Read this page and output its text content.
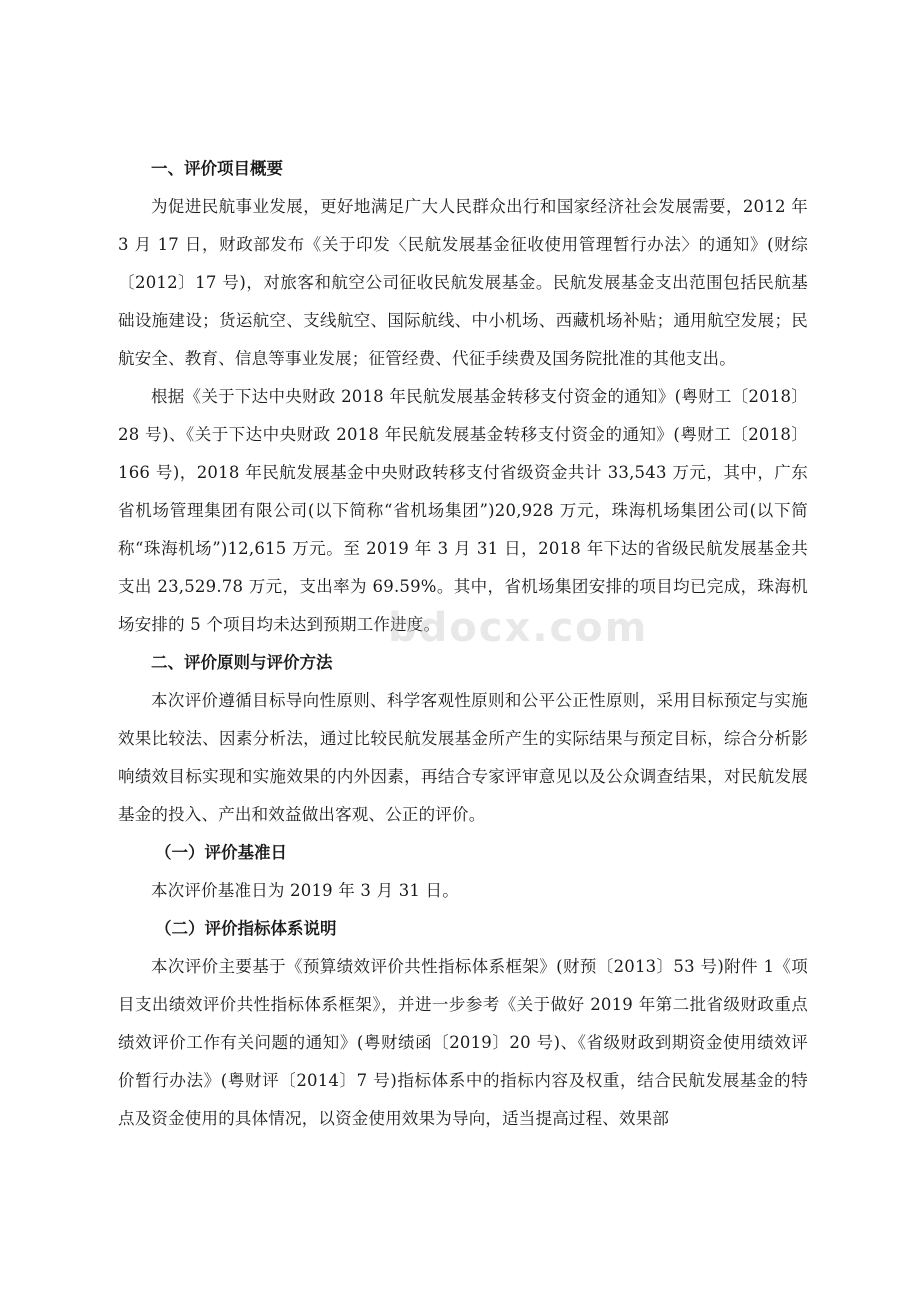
一、评价项目概要

为促进民航事业发展，更好地满足广大人民群众出行和国家经济社会发展需要，2012 年 3 月 17 日，财政部发布《关于印发〈民航发展基金征收使用管理暂行办法〉的通知》(财综〔2012〕17 号)，对旅客和航空公司征收民航发展基金。民航发展基金支出范围包括民航基础设施建设；货运航空、支线航空、国际航线、中小机场、西藏机场补贴；通用航空发展；民航安全、教育、信息等事业发展；征管经费、代征手续费及国务院批准的其他支出。

根据《关于下达中央财政 2018 年民航发展基金转移支付资金的通知》(粤财工〔2018〕28 号)、《关于下达中央财政 2018 年民航发展基金转移支付资金的通知》(粤财工〔2018〕166 号)，2018 年民航发展基金中央财政转移支付省级资金共计 33,543 万元，其中，广东省机场管理集团有限公司(以下简称“省机场集团”)20,928 万元，珠海机场集团公司(以下简称“珠海机场”)12,615 万元。至 2019 年 3 月 31 日，2018 年下达的省级民航发展基金共支出 23,529.78 万元，支出率为 69.59%。其中，省机场集团安排的项目均已完成，珠海机场安排的 5 个项目均未达到预期工作进度。

二、评价原则与评价方法

本次评价遵循目标导向性原则、科学客观性原则和公平公正性原则，采用目标预定与实施效果比较法、因素分析法，通过比较民航发展基金所产生的实际结果与预定目标，综合分析影响绩效目标实现和实施效果的内外因素，再结合专家评审意见以及公众调查结果，对民航发展基金的投入、产出和效益做出客观、公正的评价。

（一）评价基准日

本次评价基准日为 2019 年 3 月 31 日。

（二）评价指标体系说明

本次评价主要基于《预算绩效评价共性指标体系框架》(财预〔2013〕53 号)附件 1《项目支出绩效评价共性指标体系框架》，并进一步参考《关于做好 2019 年第二批省级财政重点绩效评价工作有关问题的通知》(粤财绩函〔2019〕20 号)、《省级财政到期资金使用绩效评价暂行办法》(粤财评〔2014〕7 号)指标体系中的指标内容及权重，结合民航发展基金的特点及资金使用的具体情况，以资金使用效果为导向，适当提高过程、效果部

bdocx.com
